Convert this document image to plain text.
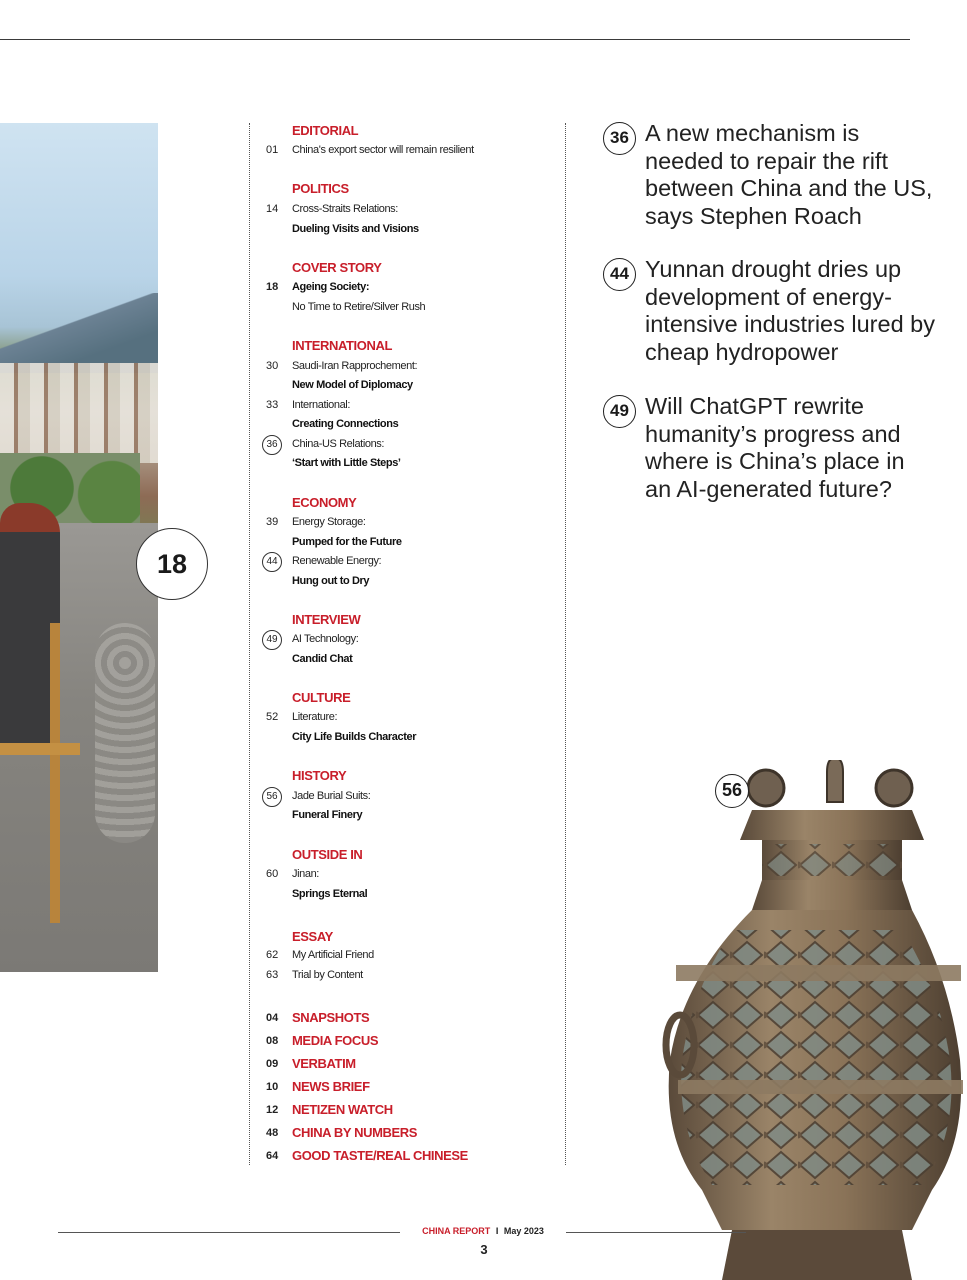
18
EDITORIAL
01	China's export sector will remain resilient
POLITICS
14	Cross-Straits Relations:
Dueling Visits and Visions
COVER STORY
18	Ageing Society:
No Time to Retire/Silver Rush
INTERNATIONAL
30	Saudi-Iran Rapprochement:
New Model of Diplomacy
33	International:
Creating Connections
36	China-US Relations:
‘Start with Little Steps’
ECONOMY
39	Energy Storage:
Pumped for the Future
44	Renewable Energy:
Hung out to Dry
INTERVIEW
49	AI Technology:
Candid Chat
CULTURE
52	Literature:
City Life Builds Character
HISTORY
56	Jade Burial Suits:
Funeral Finery
OUTSIDE IN
60	Jinan:
Springs Eternal
ESSAY
62	My Artificial Friend
63	Trial by Content
04 SNAPSHOTS
08 MEDIA FOCUS
09 VERBATIM
10 NEWS BRIEF
12 NETIZEN WATCH
48 CHINA BY NUMBERS
64 GOOD TASTE/REAL CHINESE
36 A new mechanism is needed to repair the rift between China and the US, says Stephen Roach
44 Yunnan drought dries up development of energy-intensive industries lured by cheap hydropower
49 Will ChatGPT rewrite humanity’s progress and where is China’s place in an AI-generated future?
56
CHINA REPORT I May 2023
3
